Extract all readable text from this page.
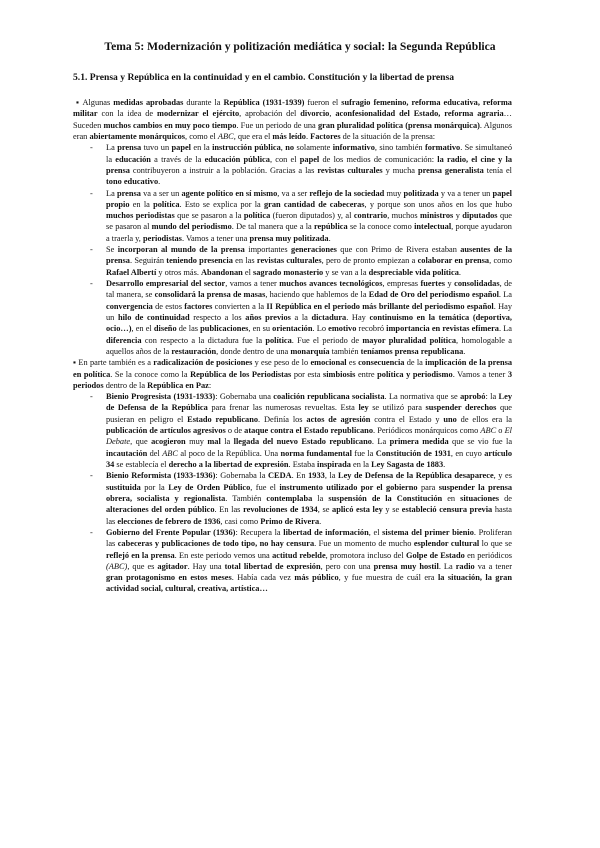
Tema 5: Modernización y politización mediática y social: la Segunda República
5.1. Prensa y República en la continuidad y en el cambio. Constitución y la libertad de prensa

▪ Algunas medidas aprobadas durante la República (1931-1939) fueron el sufragio femenino, reforma educativa, reforma militar con la idea de modernizar el ejército, aprobación del divorcio, aconfesionalidad del Estado, reforma agraria… Suceden muchos cambios en muy poco tiempo. Fue un periodo de una gran pluralidad política (prensa monárquica). Algunos eran abiertamente monárquicos, como el ABC, que era el más leído. Factores de la situación de la prensa:

- La prensa tuvo un papel en la instrucción pública, no solamente informativo, sino también formativo. Se simultaneó la educación a través de la educación pública, con el papel de los medios de comunicación: la radio, el cine y la prensa contribuyeron a instruir a la población. Gracias a las revistas culturales y mucha prensa generalista tenía el tono educativo.
- La prensa va a ser un agente político en sí mismo, va a ser reflejo de la sociedad muy politizada y va a tener un papel propio en la política. Esto se explica por la gran cantidad de cabeceras, y porque son unos años en los que hubo muchos periodistas que se pasaron a la política (fueron diputados) y, al contrario, muchos ministros y diputados que se pasaron al mundo del periodismo. De tal manera que a la república se la conoce como intelectual, porque ayudaron a traerla y, periodistas. Vamos a tener una prensa muy politizada.
- Se incorporan al mundo de la prensa importantes generaciones que con Primo de Rivera estaban ausentes de la prensa. Seguirán teniendo presencia en las revistas culturales, pero de pronto empiezan a colaborar en prensa, como Rafael Albertí y otros más. Abandonan el sagrado monasterio y se van a la despreciable vida política.
- Desarrollo empresarial del sector, vamos a tener muchos avances tecnológicos, empresas fuertes y consolidadas, de tal manera, se consolidará la prensa de masas, haciendo que hablemos de la Edad de Oro del periodismo español. La convergencia de estos factores convierten a la II República en el periodo más brillante del periodismo español. Hay un hilo de continuidad respecto a los años previos a la dictadura. Hay continuismo en la temática (deportiva, ocio…), en el diseño de las publicaciones, en su orientación. Lo emotivo recobró importancia en revistas efímera. La diferencia con respecto a la dictadura fue la política. Fue el periodo de mayor pluralidad política, homologable a aquellos años de la restauración, donde dentro de una monarquía también teníamos prensa republicana.

▪ En parte también es a radicalización de posiciones y ese peso de lo emocional es consecuencia de la implicación de la prensa en política. Se la conoce como la República de los Periodistas por esta simbiosis entre política y periodismo. Vamos a tener 3 periodos dentro de la República en Paz:

- Bienio Progresista (1931-1933): Gobernaba una coalición republicana socialista. La normativa que se aprobó: la Ley de Defensa de la República para frenar las numerosas revueltas. Esta ley se utilizó para suspender derechos que pusieran en peligro el Estado republicano. Definía los actos de agresión contra el Estado y uno de ellos era la publicación de artículos agresivos o de ataque contra el Estado republicano. Periódicos monárquicos como ABC o El Debate, que acogieron muy mal la llegada del nuevo Estado republicano. La primera medida que se vio fue la incautación del ABC al poco de la República. Una norma fundamental fue la Constitución de 1931, en cuyo artículo 34 se establecía el derecho a la libertad de expresión. Estaba inspirada en la Ley Sagasta de 1883.
- Bienio Reformista (1933-1936): Gobernaba la CEDA. En 1933, la Ley de Defensa de la República desaparece, y es sustituida por la Ley de Orden Público, fue el instrumento utilizado por el gobierno para suspender la prensa obrera, socialista y regionalista. También contemplaba la suspensión de la Constitución en situaciones de alteraciones del orden público. En las revoluciones de 1934, se aplicó esta ley y se estableció censura previa hasta las elecciones de febrero de 1936, casi como Primo de Rivera.
- Gobierno del Frente Popular (1936): Recupera la libertad de información, el sistema del primer bienio. Proliferan las cabeceras y publicaciones de todo tipo, no hay censura. Fue un momento de mucho esplendor cultural lo que se reflejó en la prensa. En este periodo vemos una actitud rebelde, promotora incluso del Golpe de Estado en periódicos (ABC), que es agitador. Hay una total libertad de expresión, pero con una prensa muy hostil. La radio va a tener gran protagonismo en estos meses. Había cada vez más público, y fue muestra de cuál era la situación, la gran actividad social, cultural, creativa, artística…
